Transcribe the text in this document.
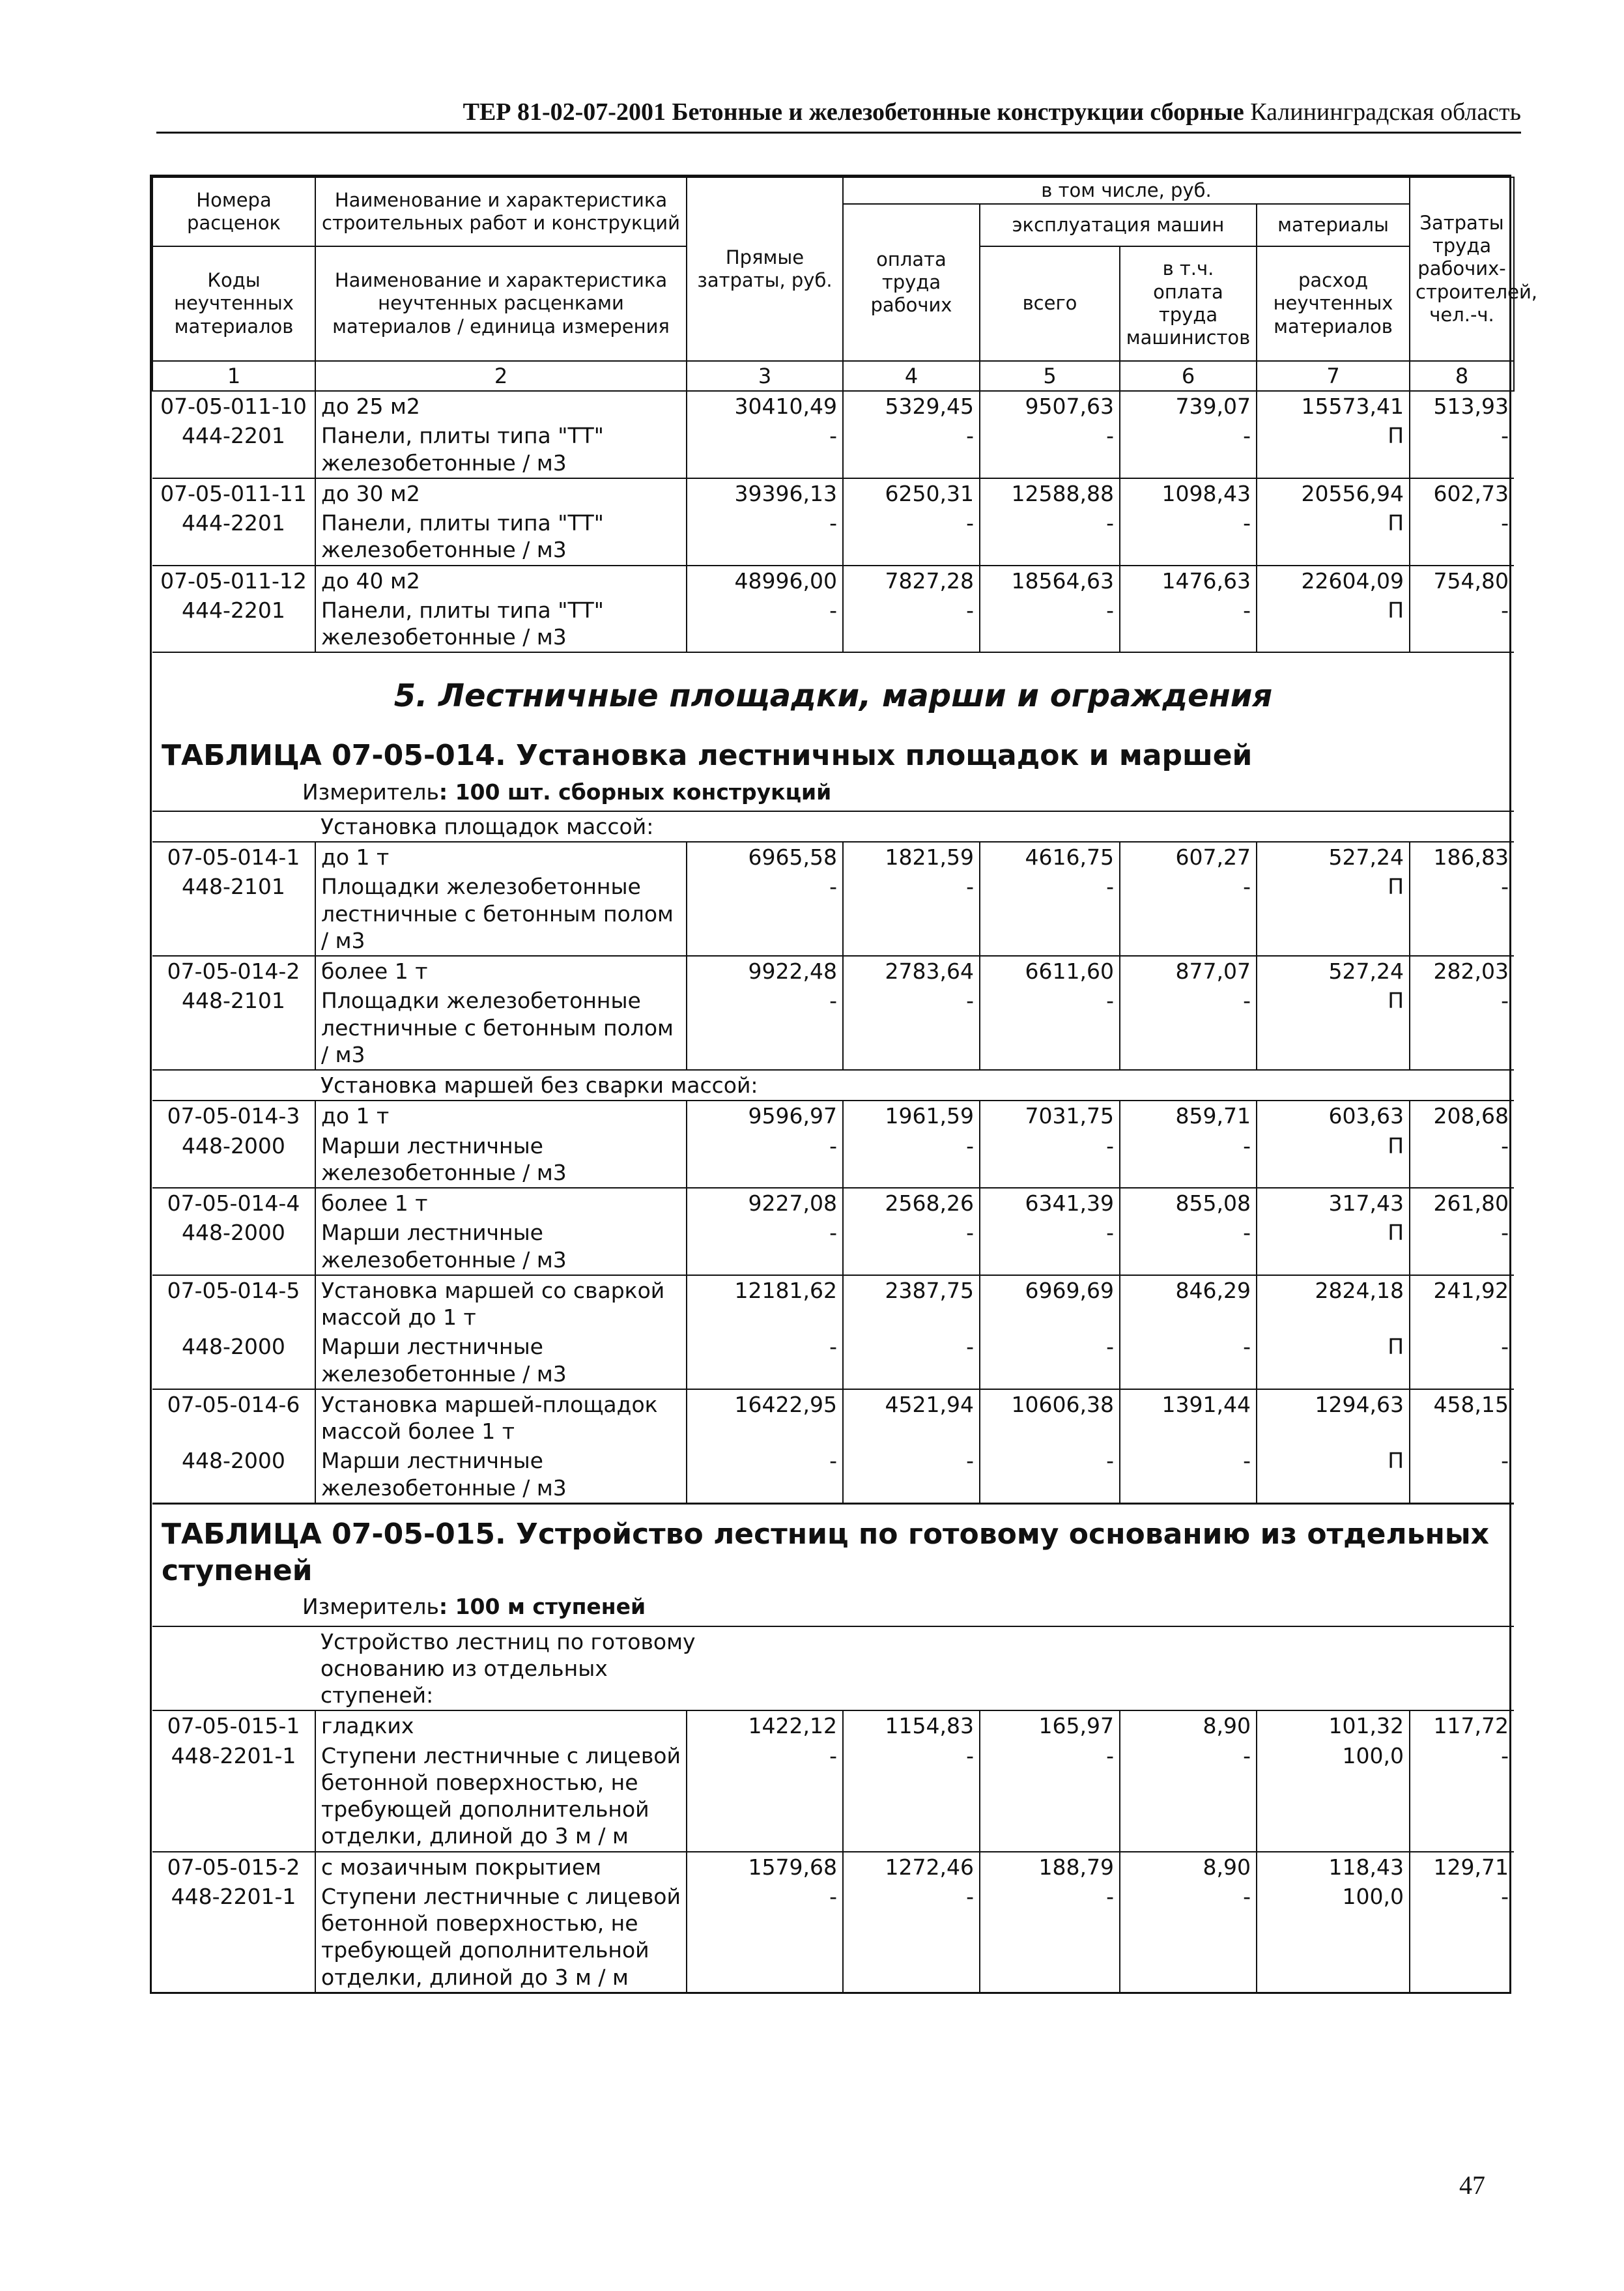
ТЕР 81-02-07-2001 Бетонные и железобетонные конструкции сборные Калининградская область
Номера расценок	Наименование и характеристика строительных работ и конструкций	Прямые затраты, руб.	в том числе, руб.				Затраты труда рабочих-строителей, чел.-ч.
			оплата труда рабочих	эксплуатация машин		материалы	
Коды неучтенных материалов	Наименование и характеристика неучтенных расценками материалов / единица измерения			всего	в т.ч. оплата труда машинистов	расход неучтенных материалов	

1	2	3	4	5	6	7	8
07-05-011-10	до 25 м2	30410,49	5329,45	9507,63	739,07	15573,41	513,93
444-2201	Панели, плиты типа "ТТ" железобетонные / м3	-	-	-	-	П	-
07-05-011-11	до 30 м2	39396,13	6250,31	12588,88	1098,43	20556,94	602,73
444-2201	Панели, плиты типа "ТТ" железобетонные / м3	-	-	-	-	П	-
07-05-011-12	до 40 м2	48996,00	7827,28	18564,63	1476,63	22604,09	754,80
444-2201	Панели, плиты типа "ТТ" железобетонные / м3	-	-	-	-	П	-

5. Лестничные площадки, марши и ограждения
ТАБЛИЦА 07-05-014. Установка лестничных площадок и маршей
Измеритель: 100 шт. сборных конструкций							

	Установка площадок массой:						
07-05-014-1	до 1 т	6965,58	1821,59	4616,75	607,27	527,24	186,83
448-2101	Площадки железобетонные лестничные с бетонным полом / м3	-	-	-	-	П	-
07-05-014-2	более 1 т	9922,48	2783,64	6611,60	877,07	527,24	282,03
448-2101	Площадки железобетонные лестничные с бетонным полом / м3	-	-	-	-	П	-
	Установка маршей без сварки массой:						
07-05-014-3	до 1 т	9596,97	1961,59	7031,75	859,71	603,63	208,68
448-2000	Марши лестничные железобетонные / м3	-	-	-	-	П	-
07-05-014-4	более 1 т	9227,08	2568,26	6341,39	855,08	317,43	261,80
448-2000	Марши лестничные железобетонные / м3	-	-	-	-	П	-
07-05-014-5	Установка маршей со сваркой массой до 1 т	12181,62	2387,75	6969,69	846,29	2824,18	241,92
448-2000	Марши лестничные железобетонные / м3	-	-	-	-	П	-
07-05-014-6	Установка маршей-площадок массой более 1 т	16422,95	4521,94	10606,38	1391,44	1294,63	458,15
448-2000	Марши лестничные железобетонные / м3	-	-	-	-	П	-

ТАБЛИЦА 07-05-015. Устройство лестниц по готовому основанию из отдельных ступеней
Измеритель: 100 м ступеней							

	Устройство лестниц по готовому основанию из отдельных ступеней:						
07-05-015-1	гладких	1422,12	1154,83	165,97	8,90	101,32	117,72
448-2201-1	Ступени лестничные с лицевой бетонной поверхностью, не требующей дополнительной отделки, длиной до 3 м / м	-	-	-	-	100,0	-
07-05-015-2	с мозаичным покрытием	1579,68	1272,46	188,79	8,90	118,43	129,71
448-2201-1	Ступени лестничные с лицевой бетонной поверхностью, не требующей дополнительной отделки, длиной до 3 м / м	-	-	-	-	100,0	-
47
